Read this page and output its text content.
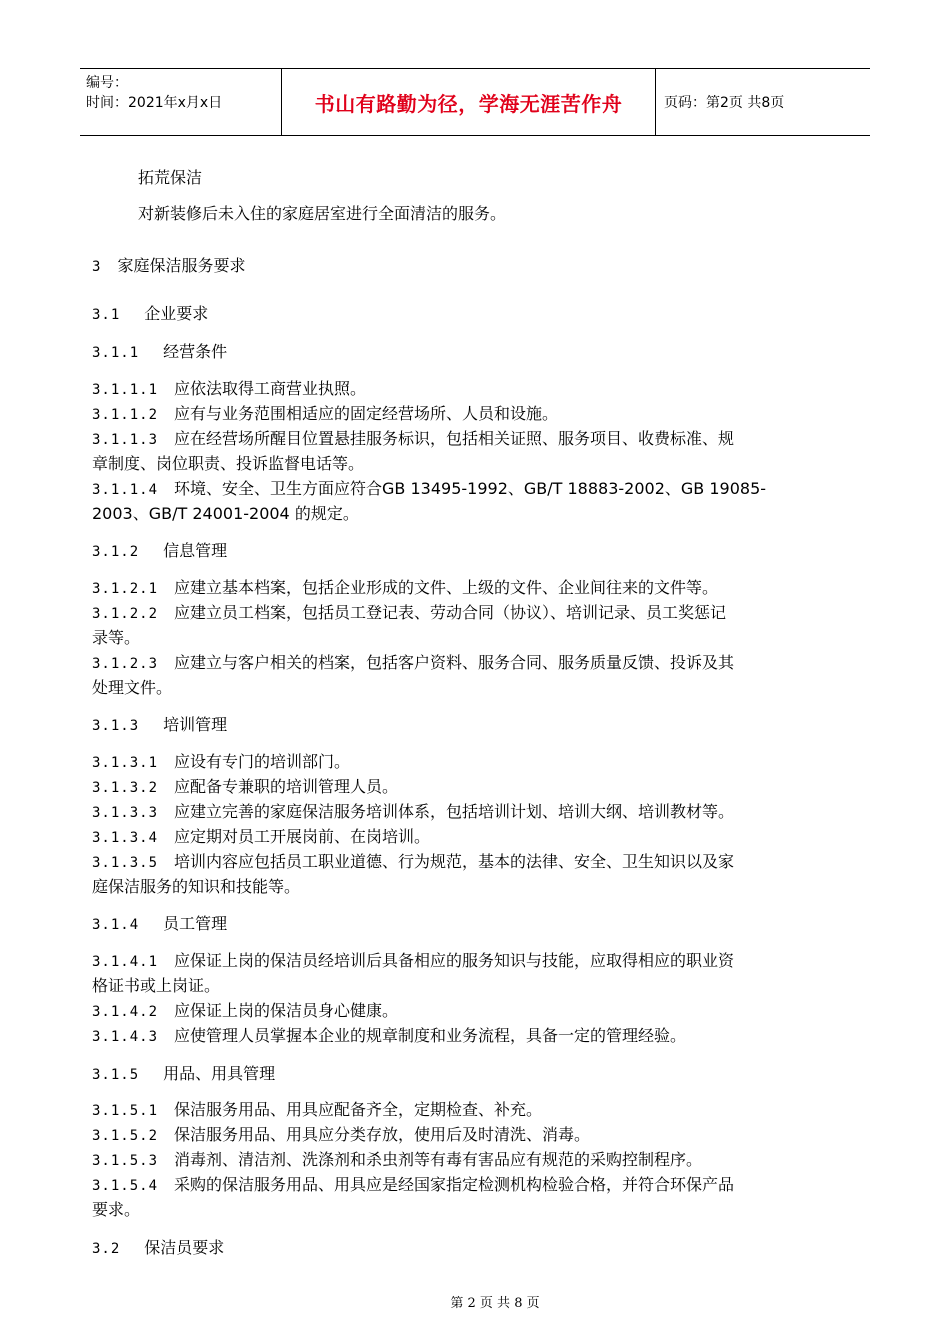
编号：
时间：2021年x月x日	书山有路勤为径，学海无涯苦作舟	页码：第2页 共8页
拓荒保洁
对新装修后未入住的家庭居室进行全面清洁的服务。
3 家庭保洁服务要求
3.1 企业要求
3.1.1 经营条件
3.1.1.1 应依法取得工商营业执照。
3.1.1.2 应有与业务范围相适应的固定经营场所、人员和设施。
3.1.1.3 应在经营场所醒目位置悬挂服务标识，包括相关证照、服务项目、收费标准、规
章制度、岗位职责、投诉监督电话等。
3.1.1.4 环境、安全、卫生方面应符合GB 13495-1992、GB/T 18883-2002、GB 19085-
2003、GB/T 24001-2004 的规定。
3.1.2 信息管理
3.1.2.1 应建立基本档案，包括企业形成的文件、上级的文件、企业间往来的文件等。
3.1.2.2 应建立员工档案，包括员工登记表、劳动合同（协议）、培训记录、员工奖惩记
录等。
3.1.2.3 应建立与客户相关的档案，包括客户资料、服务合同、服务质量反馈、投诉及其
处理文件。
3.1.3 培训管理
3.1.3.1 应设有专门的培训部门。
3.1.3.2 应配备专兼职的培训管理人员。
3.1.3.3 应建立完善的家庭保洁服务培训体系，包括培训计划、培训大纲、培训教材等。
3.1.3.4 应定期对员工开展岗前、在岗培训。
3.1.3.5 培训内容应包括员工职业道德、行为规范，基本的法律、安全、卫生知识以及家
庭保洁服务的知识和技能等。
3.1.4 员工管理
3.1.4.1 应保证上岗的保洁员经培训后具备相应的服务知识与技能，应取得相应的职业资
格证书或上岗证。
3.1.4.2 应保证上岗的保洁员身心健康。
3.1.4.3 应使管理人员掌握本企业的规章制度和业务流程，具备一定的管理经验。
3.1.5 用品、用具管理
3.1.5.1 保洁服务用品、用具应配备齐全，定期检查、补充。
3.1.5.2 保洁服务用品、用具应分类存放，使用后及时清洗、消毒。
3.1.5.3 消毒剂、清洁剂、洗涤剂和杀虫剂等有毒有害品应有规范的采购控制程序。
3.1.5.4 采购的保洁服务用品、用具应是经国家指定检测机构检验合格，并符合环保产品
要求。
3.2 保洁员要求
第 2 页 共 8 页
